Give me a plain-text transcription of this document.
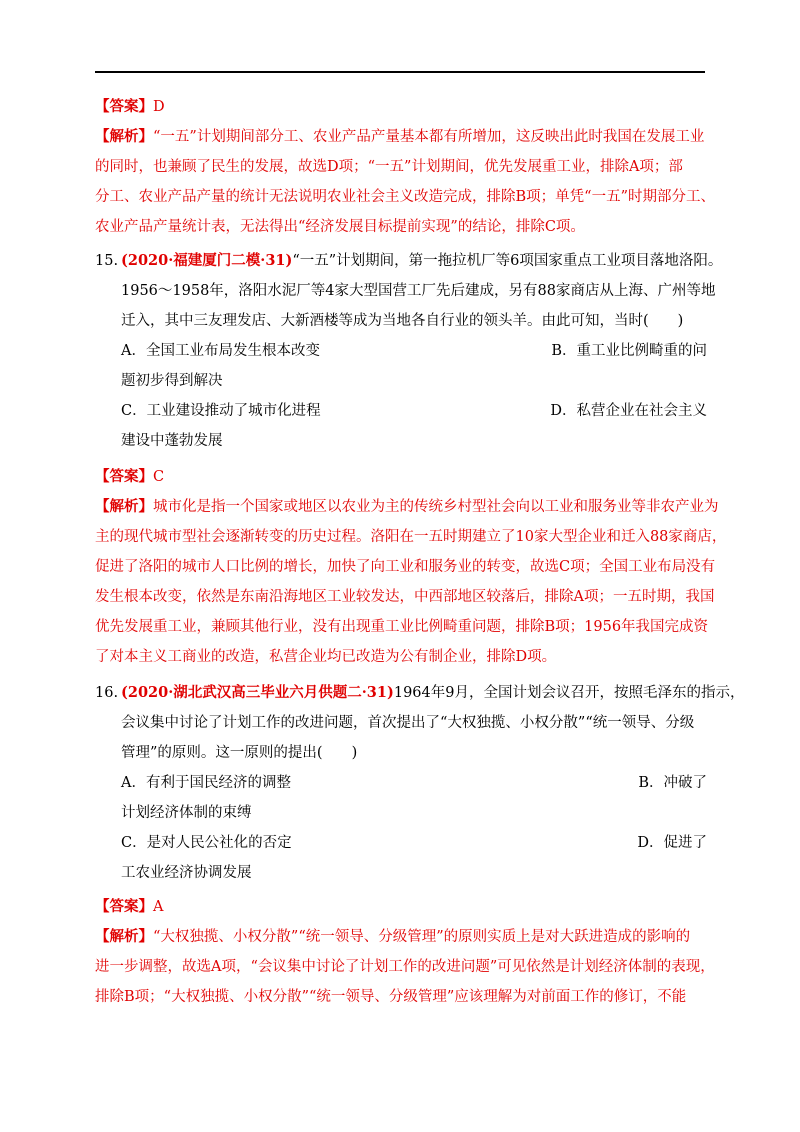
【答案】D
【解析】“一五”计划期间部分工、农业产品产量基本都有所增加，这反映出此时我国在发展工业
的同时，也兼顾了民生的发展，故选D项；“一五”计划期间，优先发展重工业，排除A项；部
分工、农业产品产量的统计无法说明农业社会主义改造完成，排除B项；单凭“一五”时期部分工、
农业产品产量统计表，无法得出“经济发展目标提前实现”的结论，排除C项。
15. (2020·福建厦门二模·31)“一五”计划期间，第一拖拉机厂等6项国家重点工业项目落地洛阳。
1956～1958年，洛阳水泥厂等4家大型国营工厂先后建成，另有88家商店从上海、广州等地
迁入，其中三友理发店、大新酒楼等成为当地各自行业的领头羊。由此可知，当时(　　)
A．全国工业布局发生根本改变	B．重工业比例畸重的问
题初步得到解决
C．工业建设推动了城市化进程	D．私营企业在社会主义
建设中蓬勃发展
【答案】C
【解析】城市化是指一个国家或地区以农业为主的传统乡村型社会向以工业和服务业等非农产业为
主的现代城市型社会逐渐转变的历史过程。洛阳在一五时期建立了10家大型企业和迁入88家商店，
促进了洛阳的城市人口比例的增长，加快了向工业和服务业的转变，故选C项；全国工业布局没有
发生根本改变，依然是东南沿海地区工业较发达，中西部地区较落后，排除A项；一五时期，我国
优先发展重工业，兼顾其他行业，没有出现重工业比例畸重问题，排除B项；1956年我国完成资
了对本主义工商业的改造，私营企业均已改造为公有制企业，排除D项。
16. (2020·湖北武汉高三毕业六月供题二·31)1964年9月，全国计划会议召开，按照毛泽东的指示，
会议集中讨论了计划工作的改进问题，首次提出了“大权独揽、小权分散”“统一领导、分级
管理”的原则。这一原则的提出(　　)
A．有利于国民经济的调整	B．冲破了
计划经济体制的束缚
C．是对人民公社化的否定	D．促进了
工农业经济协调发展
【答案】A
【解析】“大权独揽、小权分散”“统一领导、分级管理”的原则实质上是对大跃进造成的影响的
进一步调整，故选A项，“会议集中讨论了计划工作的改进问题”可见依然是计划经济体制的表现，
排除B项；“大权独揽、小权分散”“统一领导、分级管理”应该理解为对前面工作的修订，不能
